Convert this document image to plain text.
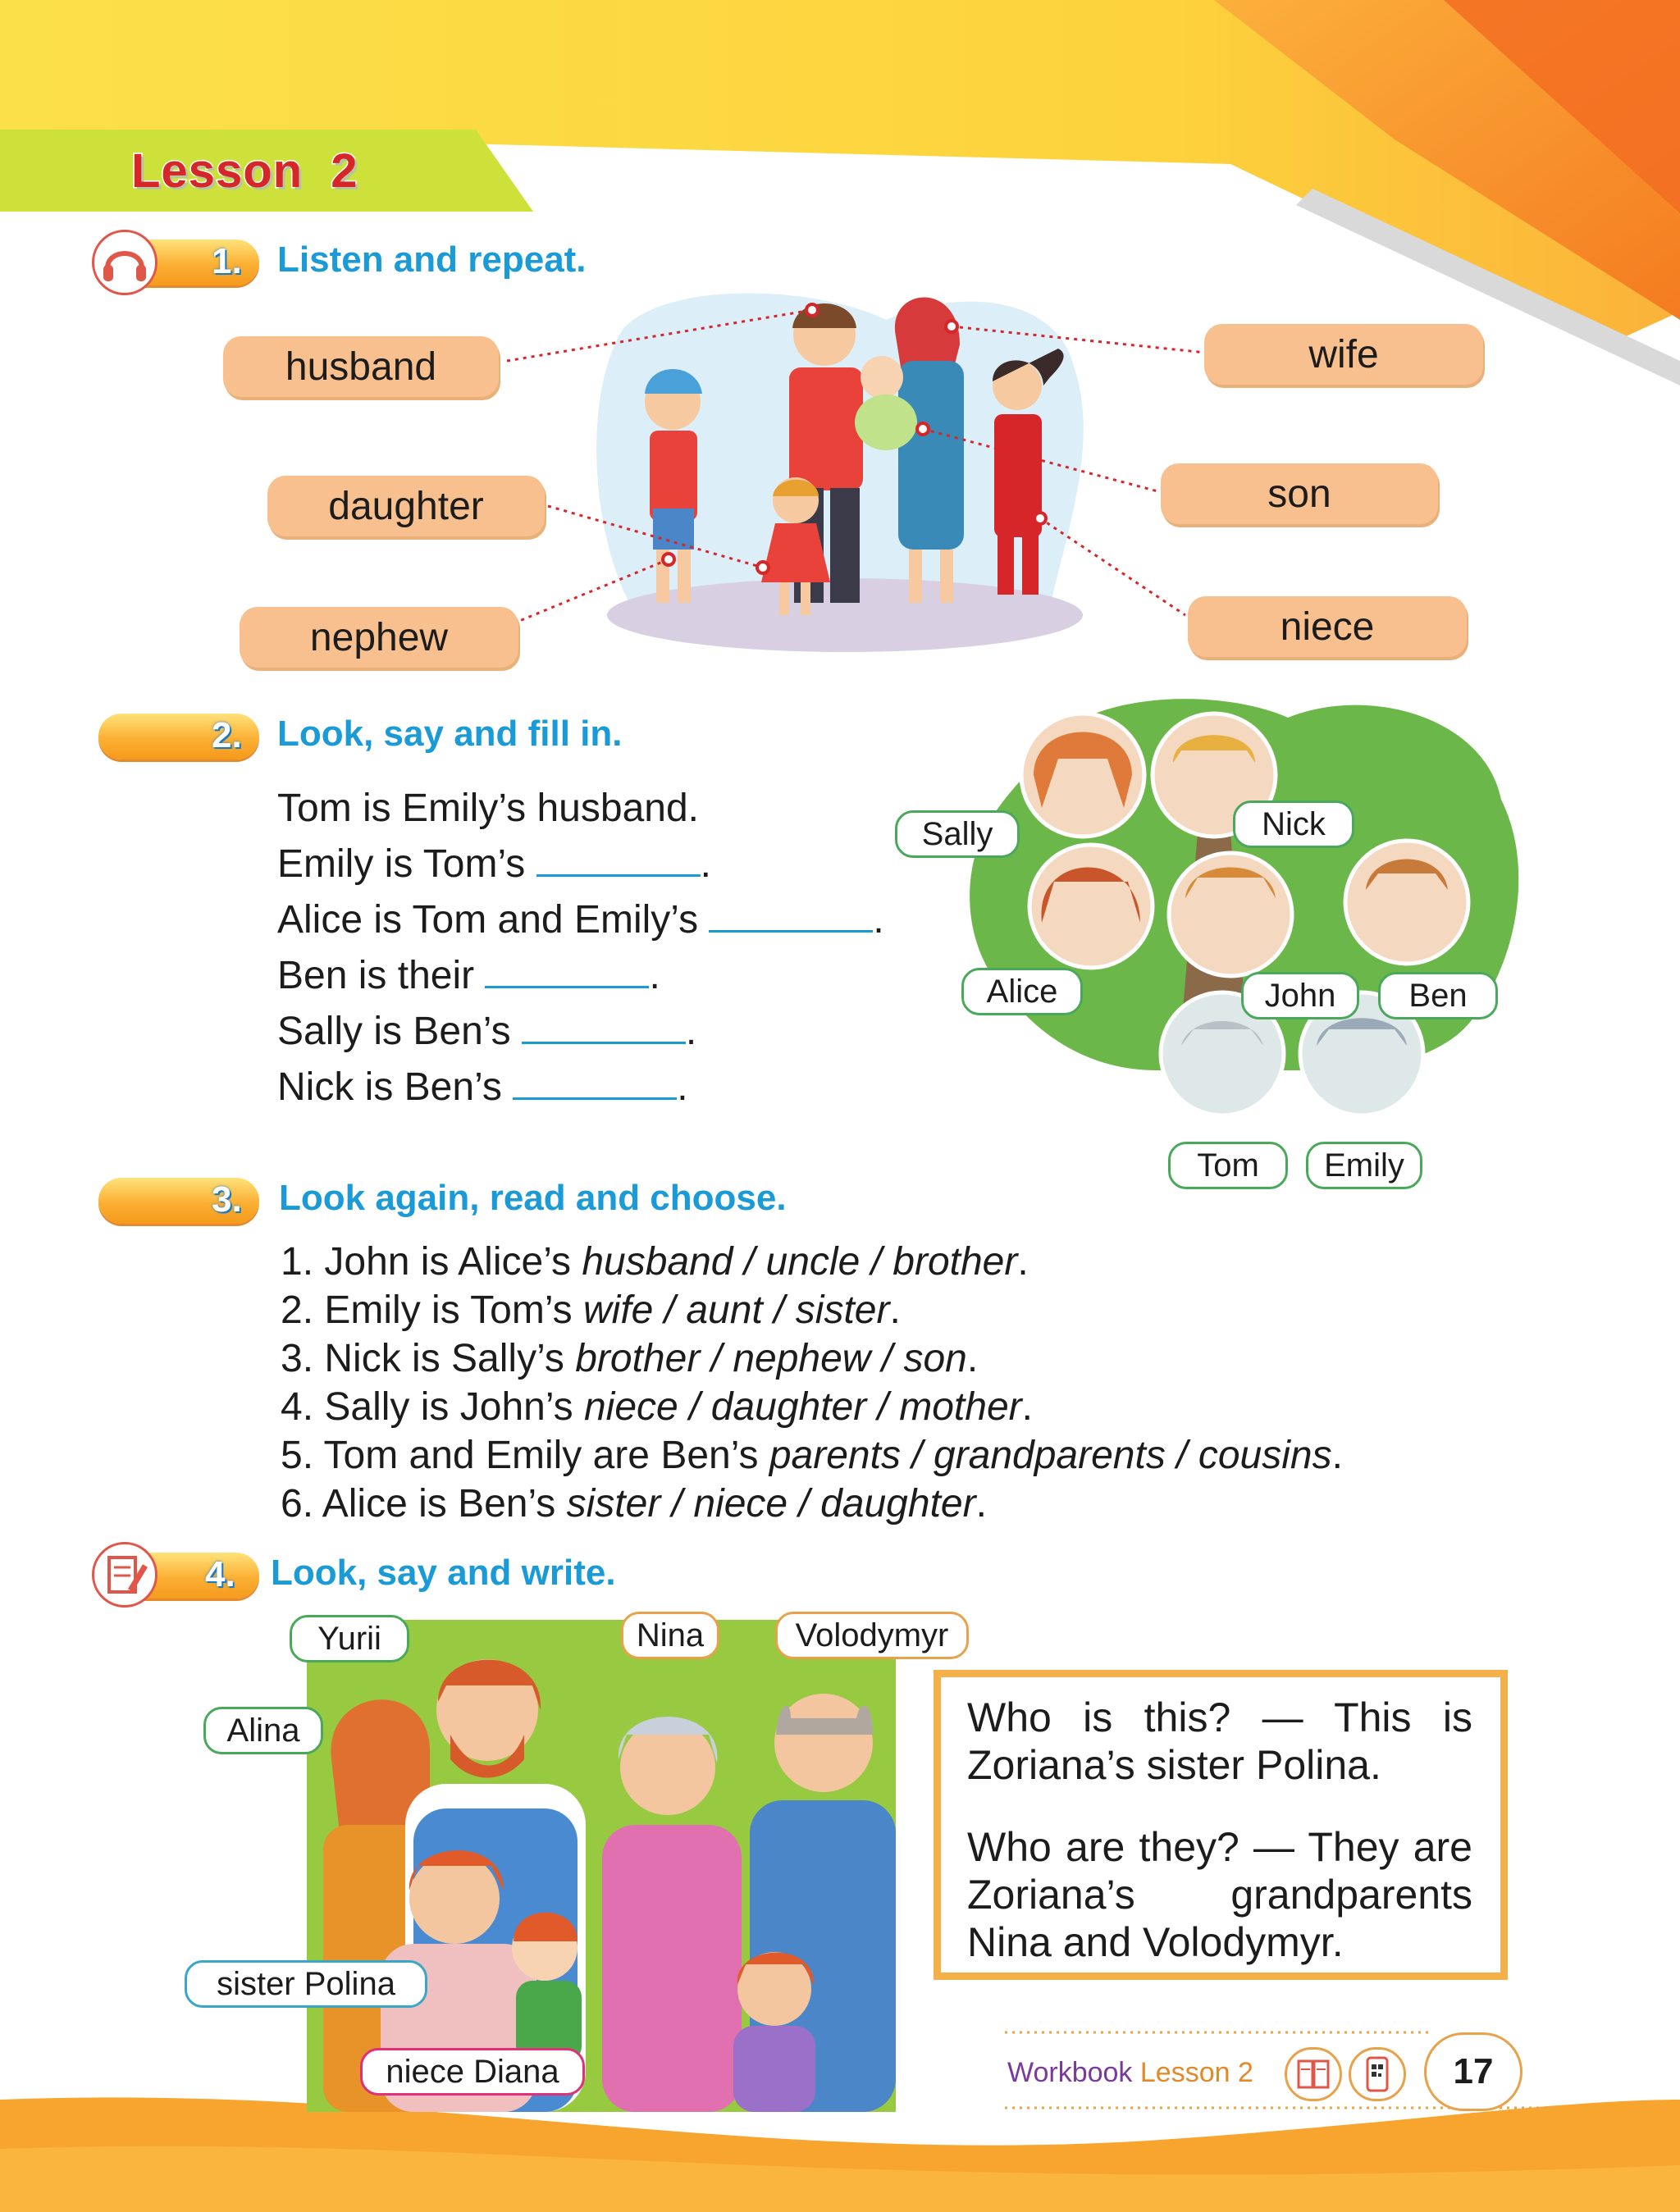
Lesson 2
1. Listen and repeat.
husband	wife
daughter	son
nephew	niece
2. Look, say and fill in.
Tom is Emily’s husband.
Emily is Tom’s	.
Alice is Tom and Emily’s	.
Ben is their	.
Sally is Ben’s	.
Nick is Ben’s	.
Sally	Nick
Alice	John	Ben
Tom	Emily
3. Look again, read and choose.
1. John is Alice’s husband / uncle / brother.
2. Emily is Tom’s wife / aunt / sister.
3. Nick is Sally’s brother / nephew / son.
4. Sally is John’s niece / daughter / mother.
5. Tom and Emily are Ben’s parents / grandparents / cousins.
6. Alice is Ben’s sister / niece / daughter.
4. Look, say and write.
Yurii	Nina	Volodymyr
Alina
sister Polina
niece Diana
Who is this? — This is Zoriana’s sister Polina.
Who are they? — They are Zoriana’s grandparents Nina and Volodymyr.
Workbook Lesson 2	17
